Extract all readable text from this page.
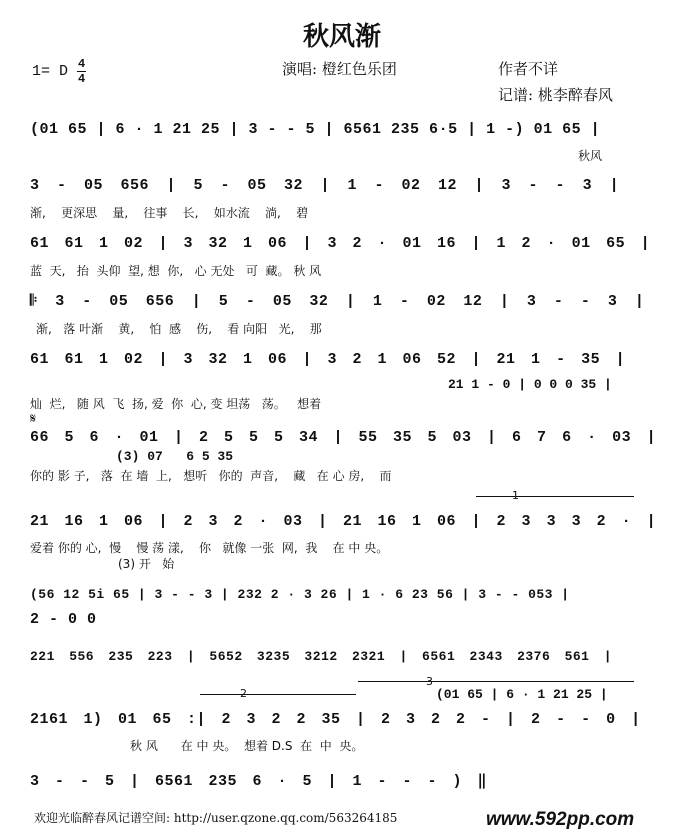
秋风渐
1= D 4
4
演唱: 橙红色乐团	作者不详
记谱: 桃李醉春风
(01 65 | 6 · 1 21 25 | 3 - - 5 | 6561 235 6·5 | 1 -) 01 65 |
秋风
3 - 05 656 | 5 - 05 32 | 1 - 02 12 | 3 - - 3 |
渐,    更深思    量,    往事    长,    如水流    淌,    碧
61 61 1 02 | 3 32 1 06 | 3 2 · 01 16 | 1 2 · 01 65 |
蓝  天,   抬  头仰  望, 想  你,   心 无处   可  藏。 秋 风
𝄆 3 - 05 656 | 5 - 05 32 | 1 - 02 12 | 3 - - 3 |
渐,   落 叶渐    黄,    怕  感    伤,    看 向阳   光,    那
61 61 1 02 | 3 32 1 06 | 3 2 1 06 52 | 21 1 - 35 |
21 1 - 0 | 0 0 0 35 |
灿  烂,   随 风  飞  扬, 爱  你  心, 变 坦荡   荡。   想着
𝄋
66 5 6 · 01 | 2 5 5 5 34 | 55 35 5 03 | 6 7 6 · 03 |
(3) 07   6 5 35
你的 影 子,   落  在 墙  上,   想听   你的  声音,    藏   在 心 房,    而
1
21 16 1 06 | 2 3 2 · 03 | 21 16 1 06 | 2 3 3 3 2 · |
爱着 你的 心,  慢    慢 荡 漾,    你   就像 一张  网,  我    在 中 央。
(3) 开   始
(56 12 5i 65 | 3 - - 3 | 232 2 · 3 26 | 1 · 6 23 56 | 3 - - 053 |
2 - 0 0
221 556 235 223 | 5652 3235 3212 2321 | 6561 2343 2376 561 |
2
3
(01 65 | 6 · 1 21 25 |
2161 1) 01 65 :| 2 3 2 2 35 | 2 3 2 2 - | 2 - - 0 |
秋 风      在 中 央。  想着 D.S  在  中  央。
3 - - 5 | 6561 235 6 · 5 | 1 - - - ) ‖
欢迎光临醉春风记谱空间: http://user.qzone.qq.com/563264185	www.592pp.com
